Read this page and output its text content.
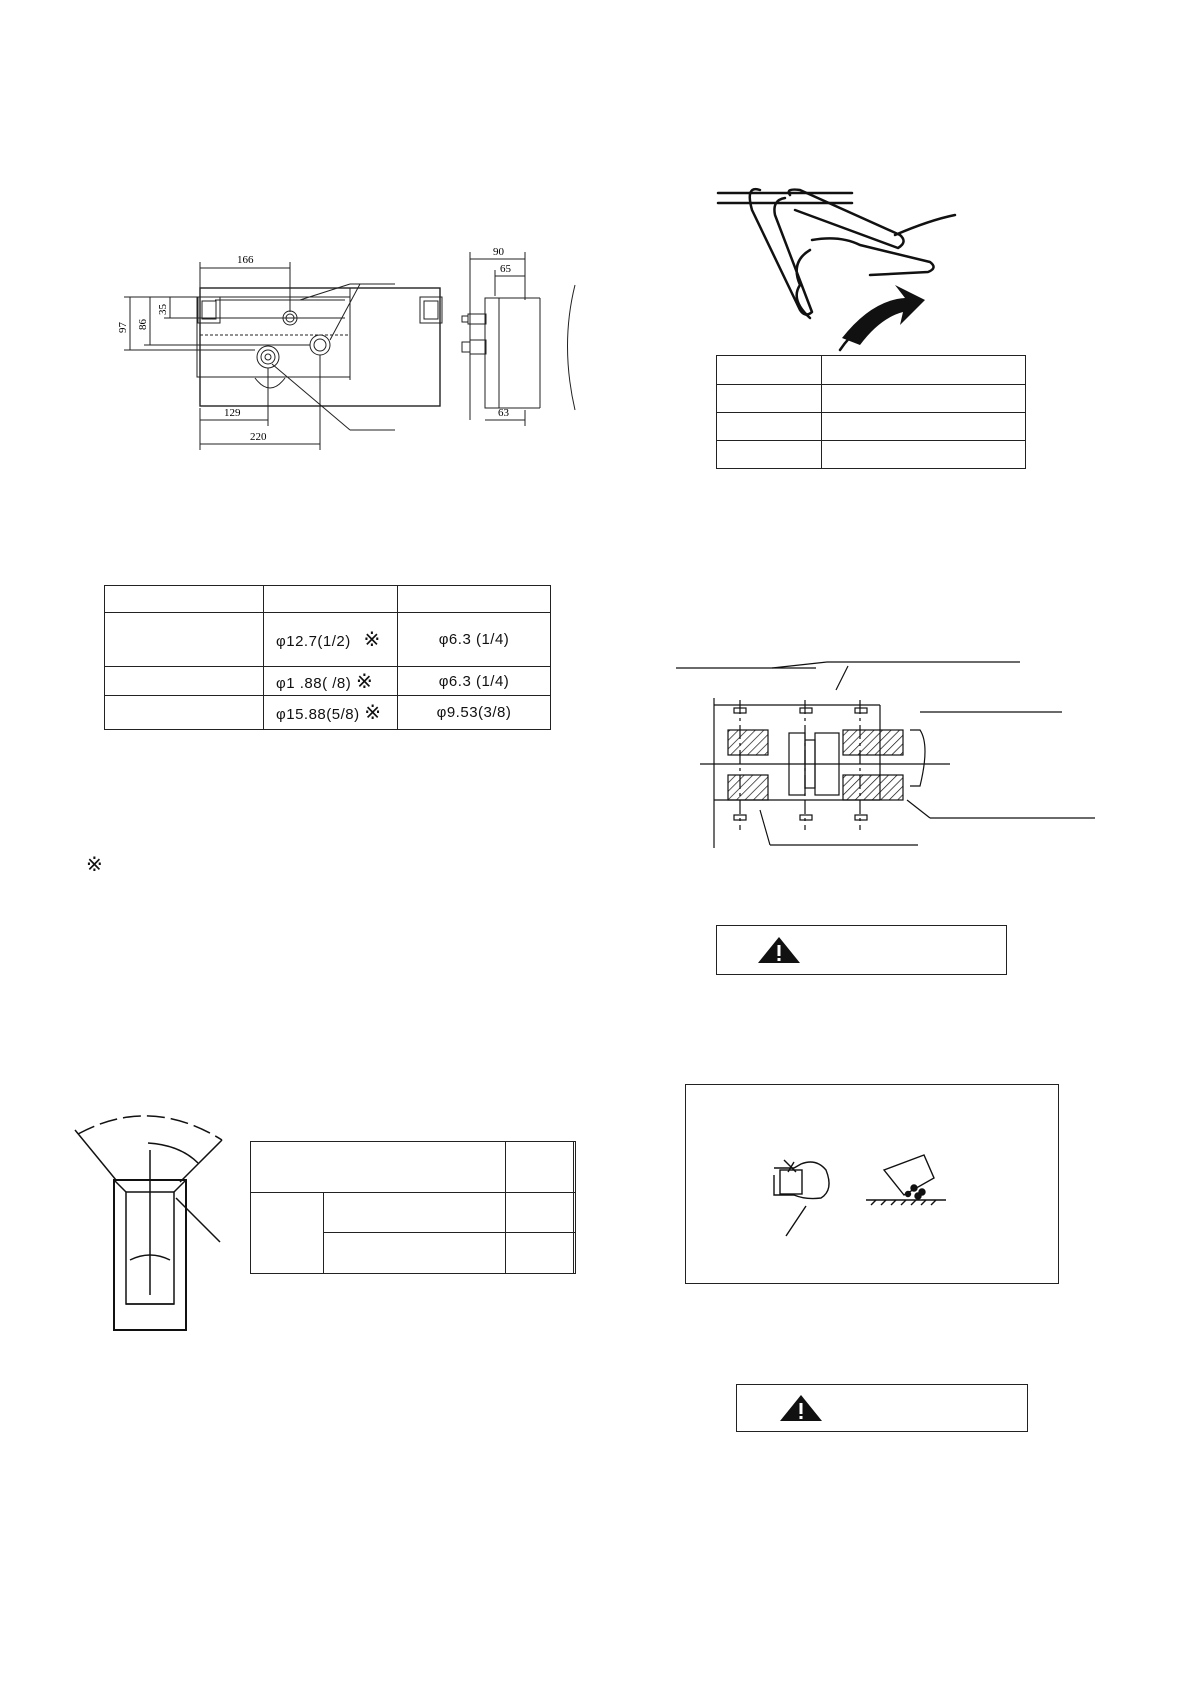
166
90
65
97 86
35
129
220
63

	φ12.7(1/2) ※	φ6.3 (1/4)
	φ1 .88( /8) ※	φ6.3 (1/4)
	φ15.88(5/8) ※	φ9.53(3/8)
※
